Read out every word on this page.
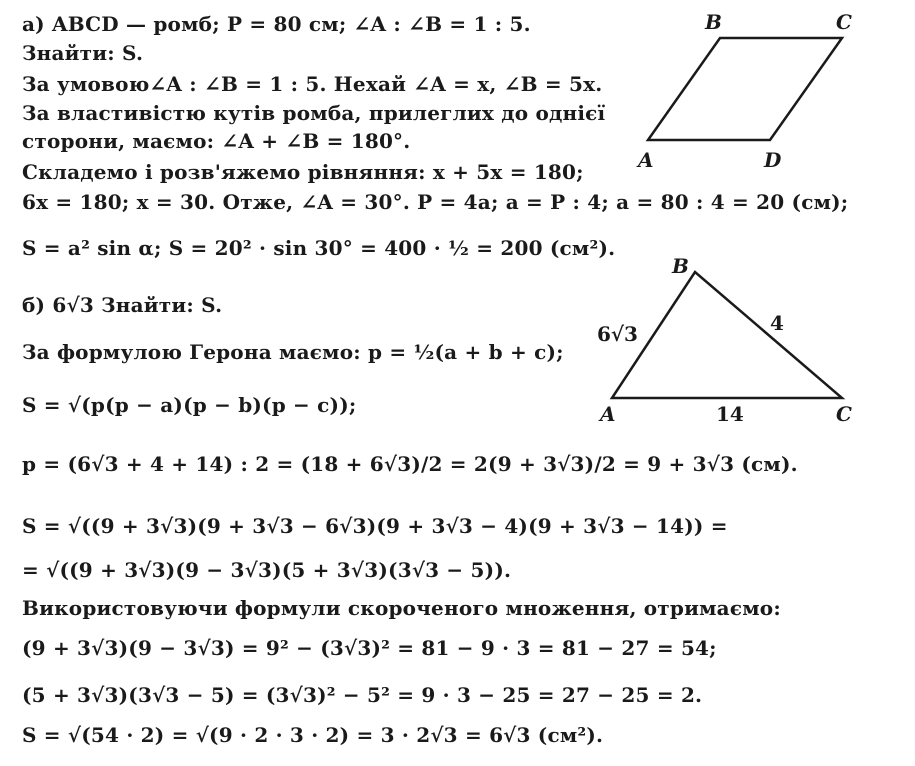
а) ABCD — ромб; P = 80 см; ∠A : ∠B = 1 : 5.
Знайти: S.
За умовою∠A : ∠B = 1 : 5. Нехай ∠A = x, ∠B = 5x.
За властивістю кутів ромба, прилеглих до однієї
сторони, маємо: ∠A + ∠B = 180°.
Складемо і розв'яжемо рівняння: x + 5x = 180;
6x = 180; x = 30. Отже, ∠A = 30°. P = 4a; a = P : 4; a = 80 : 4 = 20 (см);
S = a² sin α; S = 20² · sin 30° = 400 · ½ = 200 (см²).
б) 6√3 Знайти: S.
За формулою Герона маємо: p = ½(a + b + c);
S = √(p(p − a)(p − b)(p − c));
p = (6√3 + 4 + 14) : 2 = (18 + 6√3)/2 = 2(9 + 3√3)/2 = 9 + 3√3 (см).
S = √((9 + 3√3)(9 + 3√3 − 6√3)(9 + 3√3 − 4)(9 + 3√3 − 14)) =
= √((9 + 3√3)(9 − 3√3)(5 + 3√3)(3√3 − 5)).
Використовуючи формули скороченого множення, отримаємо:
(9 + 3√3)(9 − 3√3) = 9² − (3√3)² = 81 − 9 · 3 = 81 − 27 = 54;
(5 + 3√3)(3√3 − 5) = (3√3)² − 5² = 9 · 3 − 25 = 27 − 25 = 2.
S = √(54 · 2) = √(9 · 2 · 3 · 2) = 3 · 2√3 = 6√3 (см²).
B	C
A	D
B
A	C
6√3	4
14
